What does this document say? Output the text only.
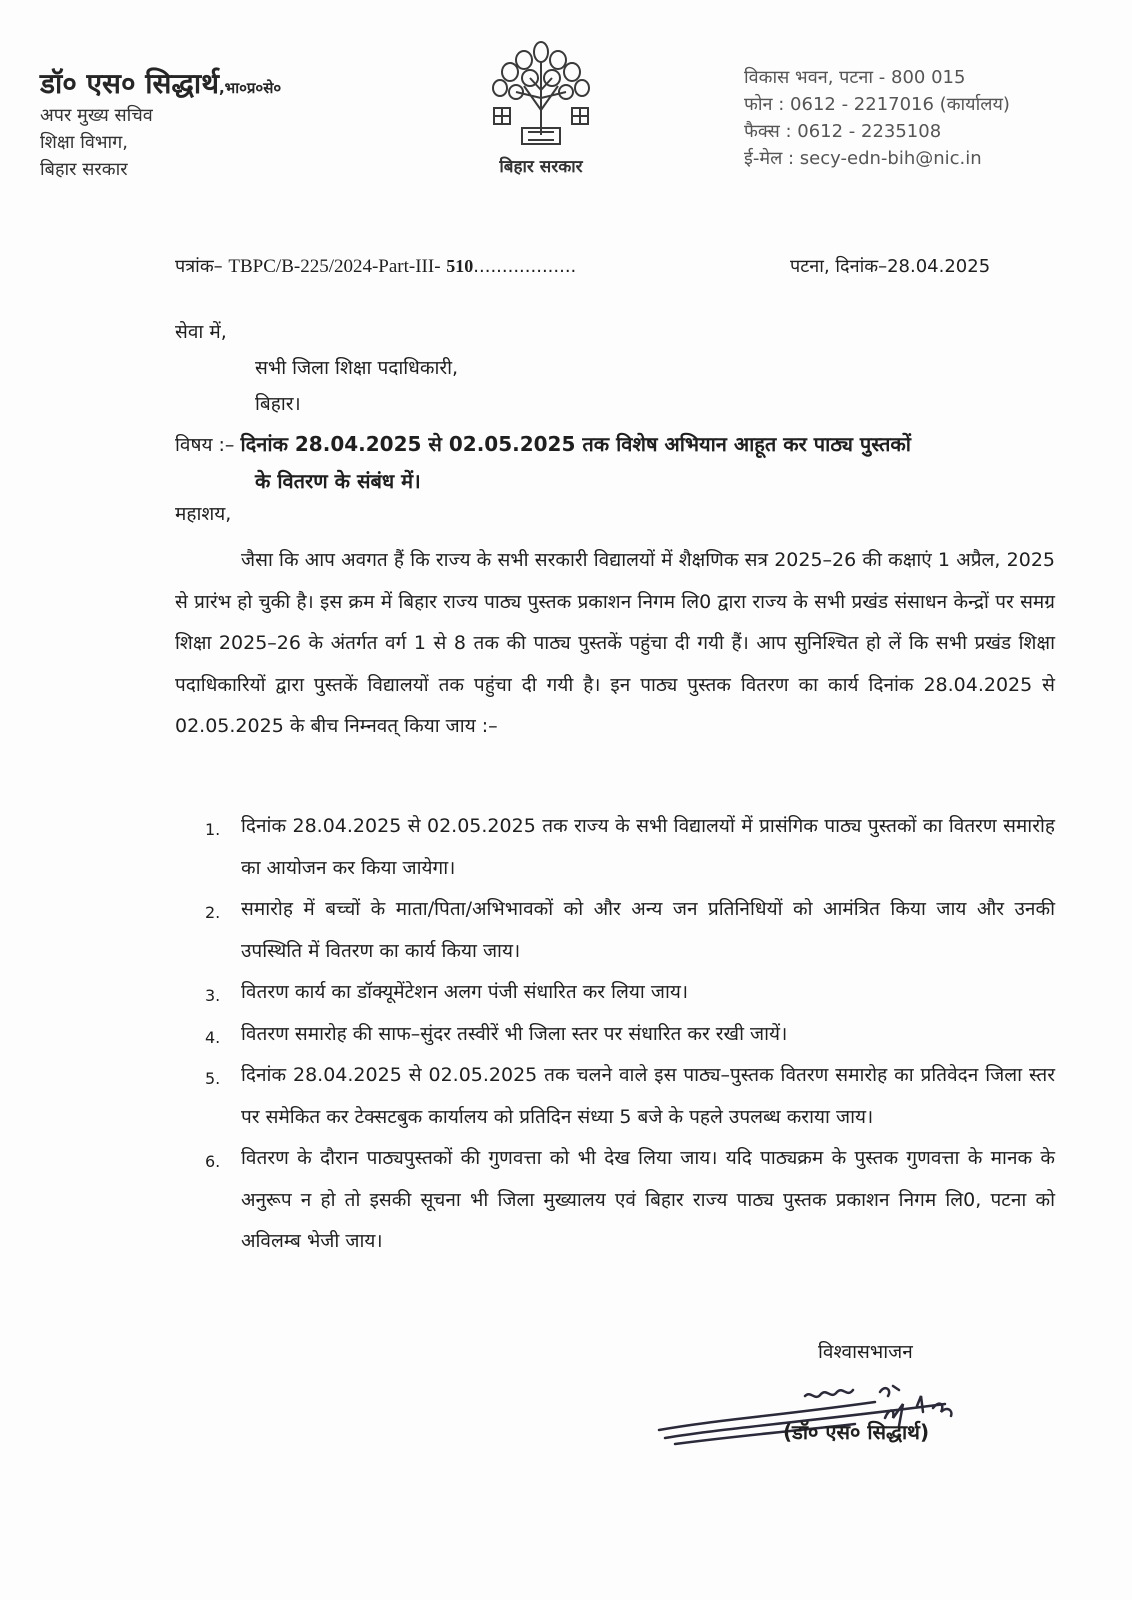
डॉ० एस० सिद्धार्थ,भा०प्र०से०
अपर मुख्य सचिव
शिक्षा विभाग,
बिहार सरकार	बिहार सरकार
विकास भवन, पटना - 800 015
फोन : 0612 - 2217016 (कार्यालय)
फैक्स : 0612 - 2235108
ई-मेल : secy-edn-bih@nic.in
पत्रांक– TBPC/B-225/2024-Part-III- 510..................	पटना, दिनांक–28.04.2025
सेवा में,
सभी जिला शिक्षा पदाधिकारी,
बिहार।
विषय :– दिनांक 28.04.2025 से 02.05.2025 तक विशेष अभियान आहूत कर पाठ्य पुस्तकों
के वितरण के संबंध में।
महाशय,
जैसा कि आप अवगत हैं कि राज्य के सभी सरकारी विद्यालयों में शैक्षणिक सत्र 2025–26 की कक्षाएं 1 अप्रैल, 2025 से प्रारंभ हो चुकी है। इस क्रम में बिहार राज्य पाठ्य पुस्तक प्रकाशन निगम लि0 द्वारा राज्य के सभी प्रखंड संसाधन केन्द्रों पर समग्र शिक्षा 2025–26 के अंतर्गत वर्ग 1 से 8 तक की पाठ्य पुस्तकें पहुंचा दी गयी हैं। आप सुनिश्चित हो लें कि सभी प्रखंड शिक्षा पदाधिकारियों द्वारा पुस्तकें विद्यालयों तक पहुंचा दी गयी है। इन पाठ्य पुस्तक वितरण का कार्य दिनांक 28.04.2025 से 02.05.2025 के बीच निम्नवत् किया जाय :–
1. दिनांक 28.04.2025 से 02.05.2025 तक राज्य के सभी विद्यालयों में प्रासंगिक पाठ्य पुस्तकों का वितरण समारोह का आयोजन कर किया जायेगा।
2. समारोह में बच्चों के माता/पिता/अभिभावकों को और अन्य जन प्रतिनिधियों को आमंत्रित किया जाय और उनकी उपस्थिति में वितरण का कार्य किया जाय।
3. वितरण कार्य का डॉक्यूमेंटेशन अलग पंजी संधारित कर लिया जाय।
4. वितरण समारोह की साफ–सुंदर तस्वीरें भी जिला स्तर पर संधारित कर रखी जायें।
5. दिनांक 28.04.2025 से 02.05.2025 तक चलने वाले इस पाठ्य–पुस्तक वितरण समारोह का प्रतिवेदन जिला स्तर पर समेकित कर टेक्सटबुक कार्यालय को प्रतिदिन संध्या 5 बजे के पहले उपलब्ध कराया जाय।
6. वितरण के दौरान पाठ्यपुस्तकों की गुणवत्ता को भी देख लिया जाय। यदि पाठ्यक्रम के पुस्तक गुणवत्ता के मानक के अनुरूप न हो तो इसकी सूचना भी जिला मुख्यालय एवं बिहार राज्य पाठ्य पुस्तक प्रकाशन निगम लि0, पटना को अविलम्ब भेजी जाय।
विश्वासभाजन
(डॉ० एस० सिद्धार्थ)
